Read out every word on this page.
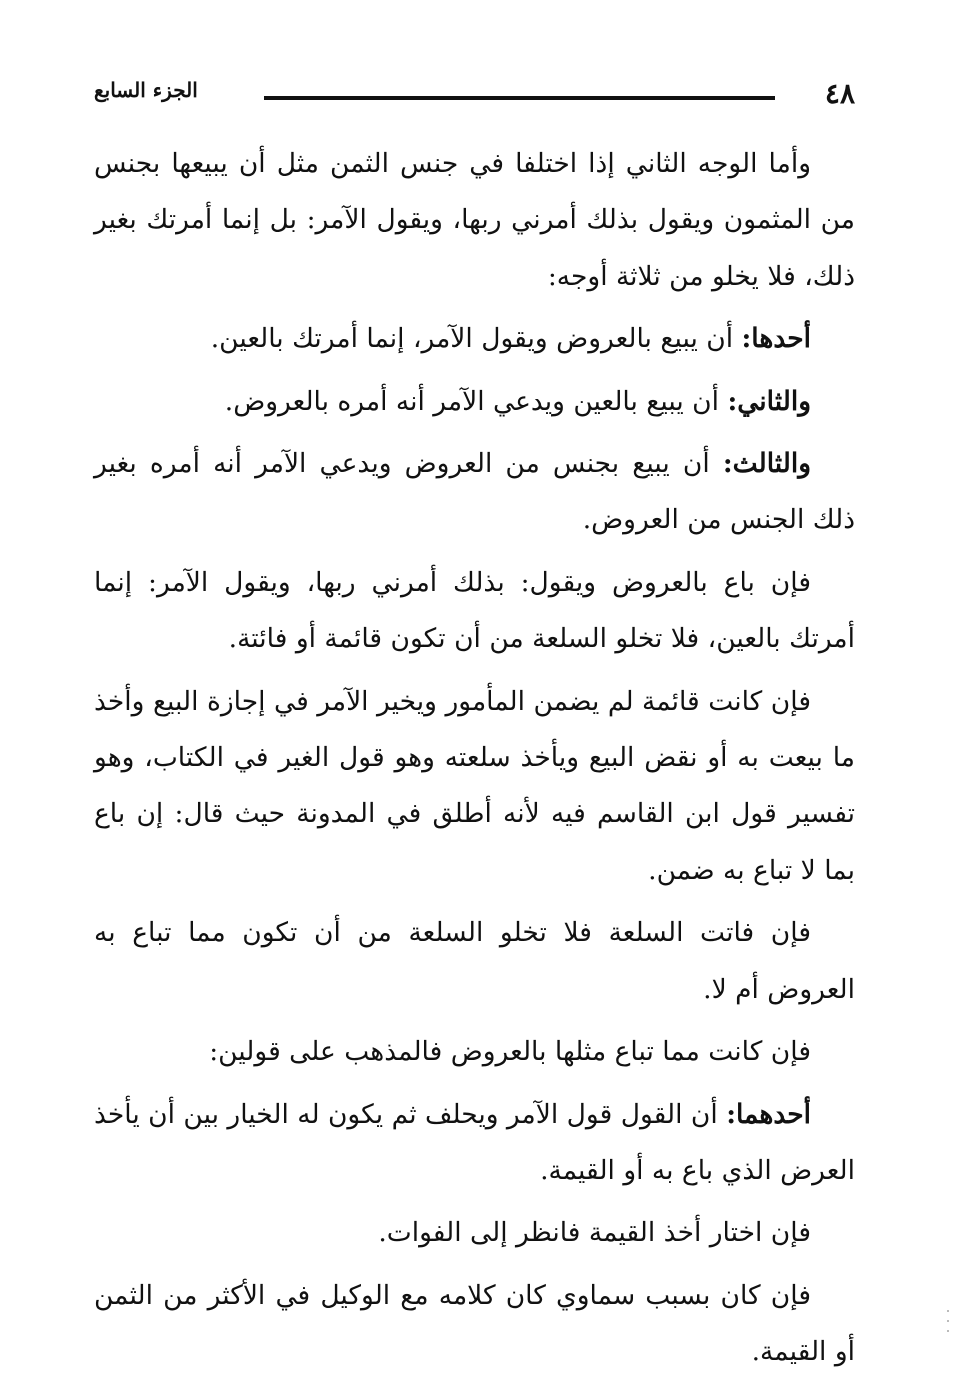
٤٨
الجزء السابع

وأما الوجه الثاني إذا اختلفا في جنس الثمن مثل أن يبيعها بجنس من المثمون ويقول بذلك أمرني ربها، ويقول الآمر: بل إنما أمرتك بغير ذلك، فلا يخلو من ثلاثة أوجه:

أحدها: أن يبيع بالعروض ويقول الآمر، إنما أمرتك بالعين.

والثاني: أن يبيع بالعين ويدعي الآمر أنه أمره بالعروض.

والثالث: أن يبيع بجنس من العروض ويدعي الآمر أنه أمره بغير ذلك الجنس من العروض.

فإن باع بالعروض ويقول: بذلك أمرني ربها، ويقول الآمر: إنما أمرتك بالعين، فلا تخلو السلعة من أن تكون قائمة أو فائتة.

فإن كانت قائمة لم يضمن المأمور ويخير الآمر في إجازة البيع وأخذ ما بيعت به أو نقض البيع ويأخذ سلعته وهو قول الغير في الكتاب، وهو تفسير قول ابن القاسم فيه لأنه أطلق في المدونة حيث قال: إن باع بما لا تباع به ضمن.

فإن فاتت السلعة فلا تخلو السلعة من أن تكون مما تباع به العروض أم لا.

فإن كانت مما تباع مثلها بالعروض فالمذهب على قولين:

أحدهما: أن القول قول الآمر ويحلف ثم يكون له الخيار بين أن يأخذ العرض الذي باع به أو القيمة.

فإن اختار أخذ القيمة فانظر إلى الفوات.

فإن كان بسبب سماوي كان كلامه مع الوكيل في الأكثر من الثمن أو القيمة.
